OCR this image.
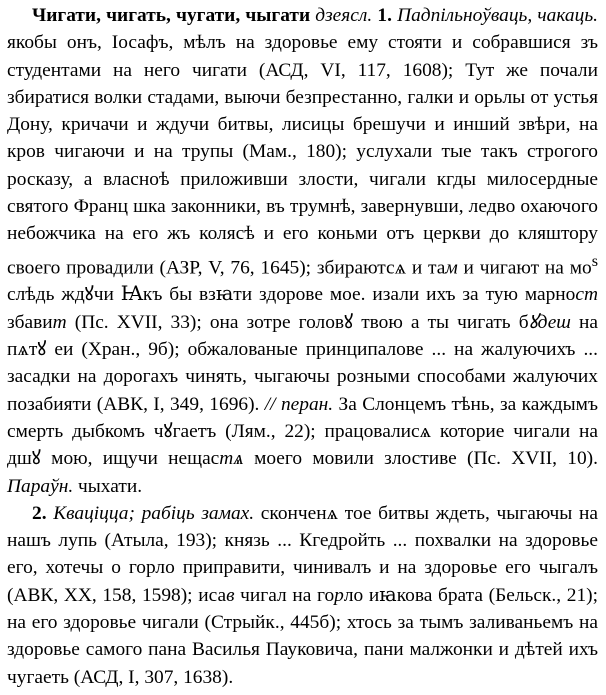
Чигати, чигать, чугати, чыгати дзеясл. 1. Падпільноўваць, чакаць. якобы онъ, Іосафъ, мѣлъ на здоровье ему стояти и собравшися зъ студентами на него чигати (АСД, VI, 117, 1608); Тут же почали збиратися волки стадами, выючи безпрестанно, галки и орьлы от устья Дону, кричачи и ждучи битвы, лисицы брешучи и инший звѣри, на кров чигаючи и на трупы (Мам., 180); услухали тые такъ строгого росказу, а власноѣ приложивши злости, чигали кгды милосердные святого Франц шка законники, въ трумнѣ, завернувши, ледво охаючого небожчика на его жъ колясѣ и его коньми отъ церкви до кляштору своего провадили (АЗР, V, 76, 1645); збираютсѧ и там и чигают на $мо^s$ слѣдь ждꙋчи Ꙗкъ бы взꙗти здорове мое. изали ихъ за тую марност збавит (Пс. XVII, 33); она зотре головꙋ твою а ты чигать бꙋдеш на пѧтꙋ еи (Хран., 9б); обжалованые принципалове ... на жалуючихъ ... засадки на дорогахъ чинять, чыгаючы розными способами жалуючих позабияти (АВК, I, 349, 1696). // перан. За Слонцемъ тѣнь, за каждымъ смерть дыбкомъ чꙋгаетъ (Лям., 22); працовалисѧ которие чигали на дшꙋ мою, ищучи нещастѧ моего мовили злостиве (Пс. XVII, 10). Параўн. чыхати.

2. Кваціцца; рабіць замах. сконченѧ тое битвы ждеть, чыгаючы на нашъ лупь (Атыла, 193); князь ... Кгедройть ... похвалки на здоровье его, хотечы о горло приправити, чинивалъ и на здоровье его чыгалъ (АВК, XX, 158, 1598); исав чигал на горло иꙗкова брата (Бельск., 21); на его здоровье чигали (Стрыйк., 445б); хтось за тымъ заливаньемъ на здоровье самого пана Василья Пауковича, пани малжонки и дѣтей ихъ чугаеть (АСД, I, 307, 1638).
